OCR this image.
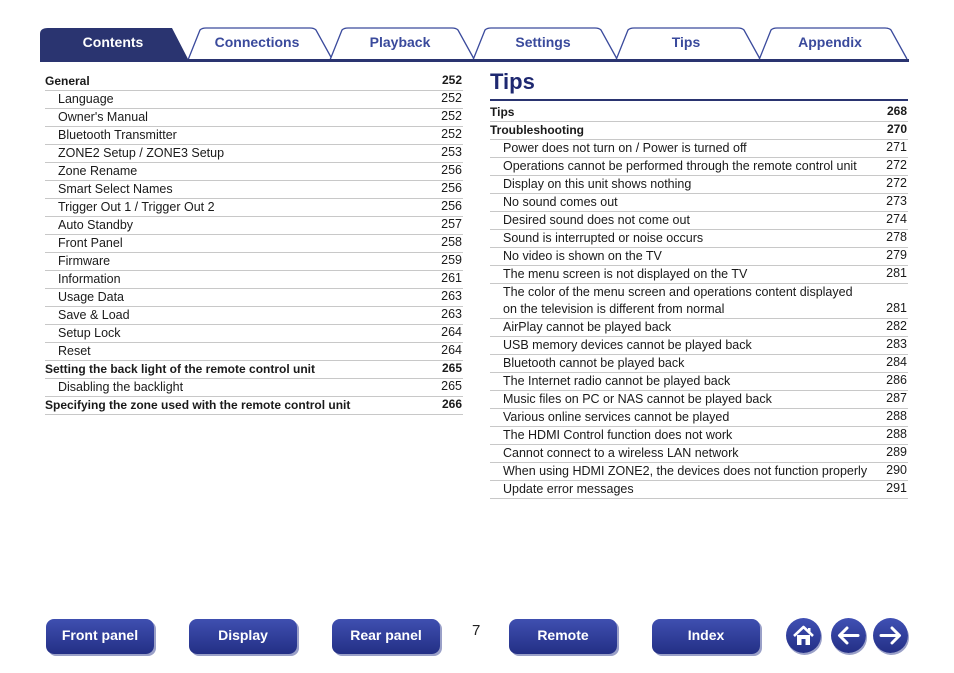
Contents	Connections	Playback	Settings	Tips	Appendix
General	252
Language	252
Owner's Manual	252
Bluetooth Transmitter	252
ZONE2 Setup / ZONE3 Setup	253
Zone Rename	256
Smart Select Names	256
Trigger Out 1 / Trigger Out 2	256
Auto Standby	257
Front Panel	258
Firmware	259
Information	261
Usage Data	263
Save & Load	263
Setup Lock	264
Reset	264
Setting the back light of the remote control unit	265
Disabling the backlight	265
Specifying the zone used with the remote control unit	266
Tips
Tips	268
Troubleshooting	270
Power does not turn on / Power is turned off	271
Operations cannot be performed through the remote control unit	272
Display on this unit shows nothing	272
No sound comes out	273
Desired sound does not come out	274
Sound is interrupted or noise occurs	278
No video is shown on the TV	279
The menu screen is not displayed on the TV	281
The color of the menu screen and operations content displayed on the television is different from normal	281
AirPlay cannot be played back	282
USB memory devices cannot be played back	283
Bluetooth cannot be played back	284
The Internet radio cannot be played back	286
Music files on PC or NAS cannot be played back	287
Various online services cannot be played	288
The HDMI Control function does not work	288
Cannot connect to a wireless LAN network	289
When using HDMI ZONE2, the devices does not function properly	290
Update error messages	291
Front panel	Display	Rear panel	7	Remote	Index
